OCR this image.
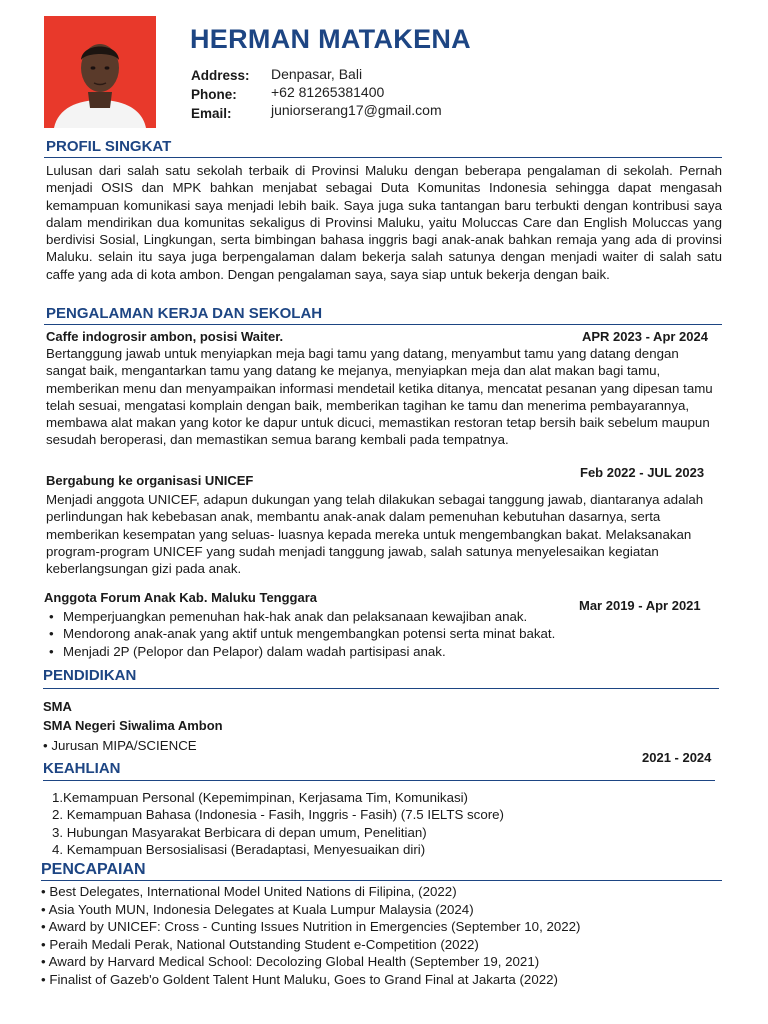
HERMAN MATAKENA
Address: Denpasar, Bali
Phone: +62 81265381400
Email:	juniorserang17@gmail.com
PROFIL SINGKAT

Lulusan dari salah satu sekolah terbaik di Provinsi Maluku dengan beberapa pengalaman di sekolah. Pernah menjadi OSIS dan MPK bahkan menjabat sebagai Duta Komunitas Indonesia sehingga dapat mengasah kemampuan komunikasi saya menjadi lebih baik. Saya juga suka tantangan baru terbukti dengan kontribusi saya dalam mendirikan dua komunitas sekaligus di Provinsi Maluku, yaitu Moluccas Care dan English Moluccas yang berdivisi Sosial, Lingkungan, serta bimbingan bahasa inggris bagi anak-anak bahkan remaja yang ada di provinsi Maluku. selain itu saya juga berpengalaman dalam bekerja salah satunya dengan menjadi waiter di salah satu caffe yang ada di kota ambon. Dengan pengalaman saya, saya siap untuk bekerja dengan baik.

PENGALAMAN KERJA DAN SEKOLAH
Caffe indogrosir ambon, posisi Waiter.	APR 2023 - Apr 2024

Bertanggung jawab untuk menyiapkan meja bagi tamu yang datang, menyambut tamu yang datang dengan sangat baik, mengantarkan tamu yang datang ke mejanya, menyiapkan meja dan alat makan bagi tamu, memberikan menu dan menyampaikan informasi mendetail ketika ditanya, mencatat pesanan yang dipesan tamu telah sesuai, mengatasi komplain dengan baik, memberikan tagihan ke tamu dan menerima pembayarannya, membawa alat makan yang kotor ke dapur untuk dicuci, memastikan restoran tetap bersih baik sebelum maupun sesudah beroperasi, dan memastikan semua barang kembali pada tempatnya.

Bergabung ke organisasi UNICEF
Feb 2022 - JUL 2023

Menjadi anggota UNICEF, adapun dukungan yang telah dilakukan sebagai tanggung jawab, diantaranya adalah perlindungan hak kebebasan anak, membantu anak-anak dalam pemenuhan kebutuhan dasarnya, serta memberikan kesempatan yang seluas- luasnya kepada mereka untuk mengembangkan bakat. Melaksanakan program-program UNICEF yang sudah menjadi tanggung jawab, salah satunya menyelesaikan kegiatan keberlangsungan gizi pada anak.

Anggota Forum Anak Kab. Maluku Tenggara
Mar 2019 - Apr 2021
• Memperjuangkan pemenuhan hak-hak anak dan pelaksanaan kewajiban anak.
• Mendorong anak-anak yang aktif untuk mengembangkan potensi serta minat bakat.
• Menjadi 2P (Pelopor dan Pelapor) dalam wadah partisipasi anak.
PENDIDIKAN
SMA
SMA Negeri Siwalima Ambon
• Jurusan MIPA/SCIENCE
2021 - 2024
KEAHLIAN
1.Kemampuan Personal (Kepemimpinan, Kerjasama Tim, Komunikasi)
2. Kemampuan Bahasa (Indonesia - Fasih, Inggris - Fasih) (7.5 IELTS score)
3. Hubungan Masyarakat Berbicara di depan umum, Penelitian)
4. Kemampuan Bersosialisasi (Beradaptasi, Menyesuaikan diri)
PENCAPAIAN
• Best Delegates, International Model United Nations di Filipina, (2022)
• Asia Youth MUN, Indonesia Delegates at Kuala Lumpur Malaysia (2024)
• Award by UNICEF: Cross - Cunting Issues Nutrition in Emergencies (September 10, 2022)
• Peraih Medali Perak, National Outstanding Student e-Competition (2022)
• Award by Harvard Medical School: Decolozing Global Health (September 19, 2021)
• Finalist of Gazeb'o Goldent Talent Hunt Maluku, Goes to Grand Final at Jakarta (2022)
